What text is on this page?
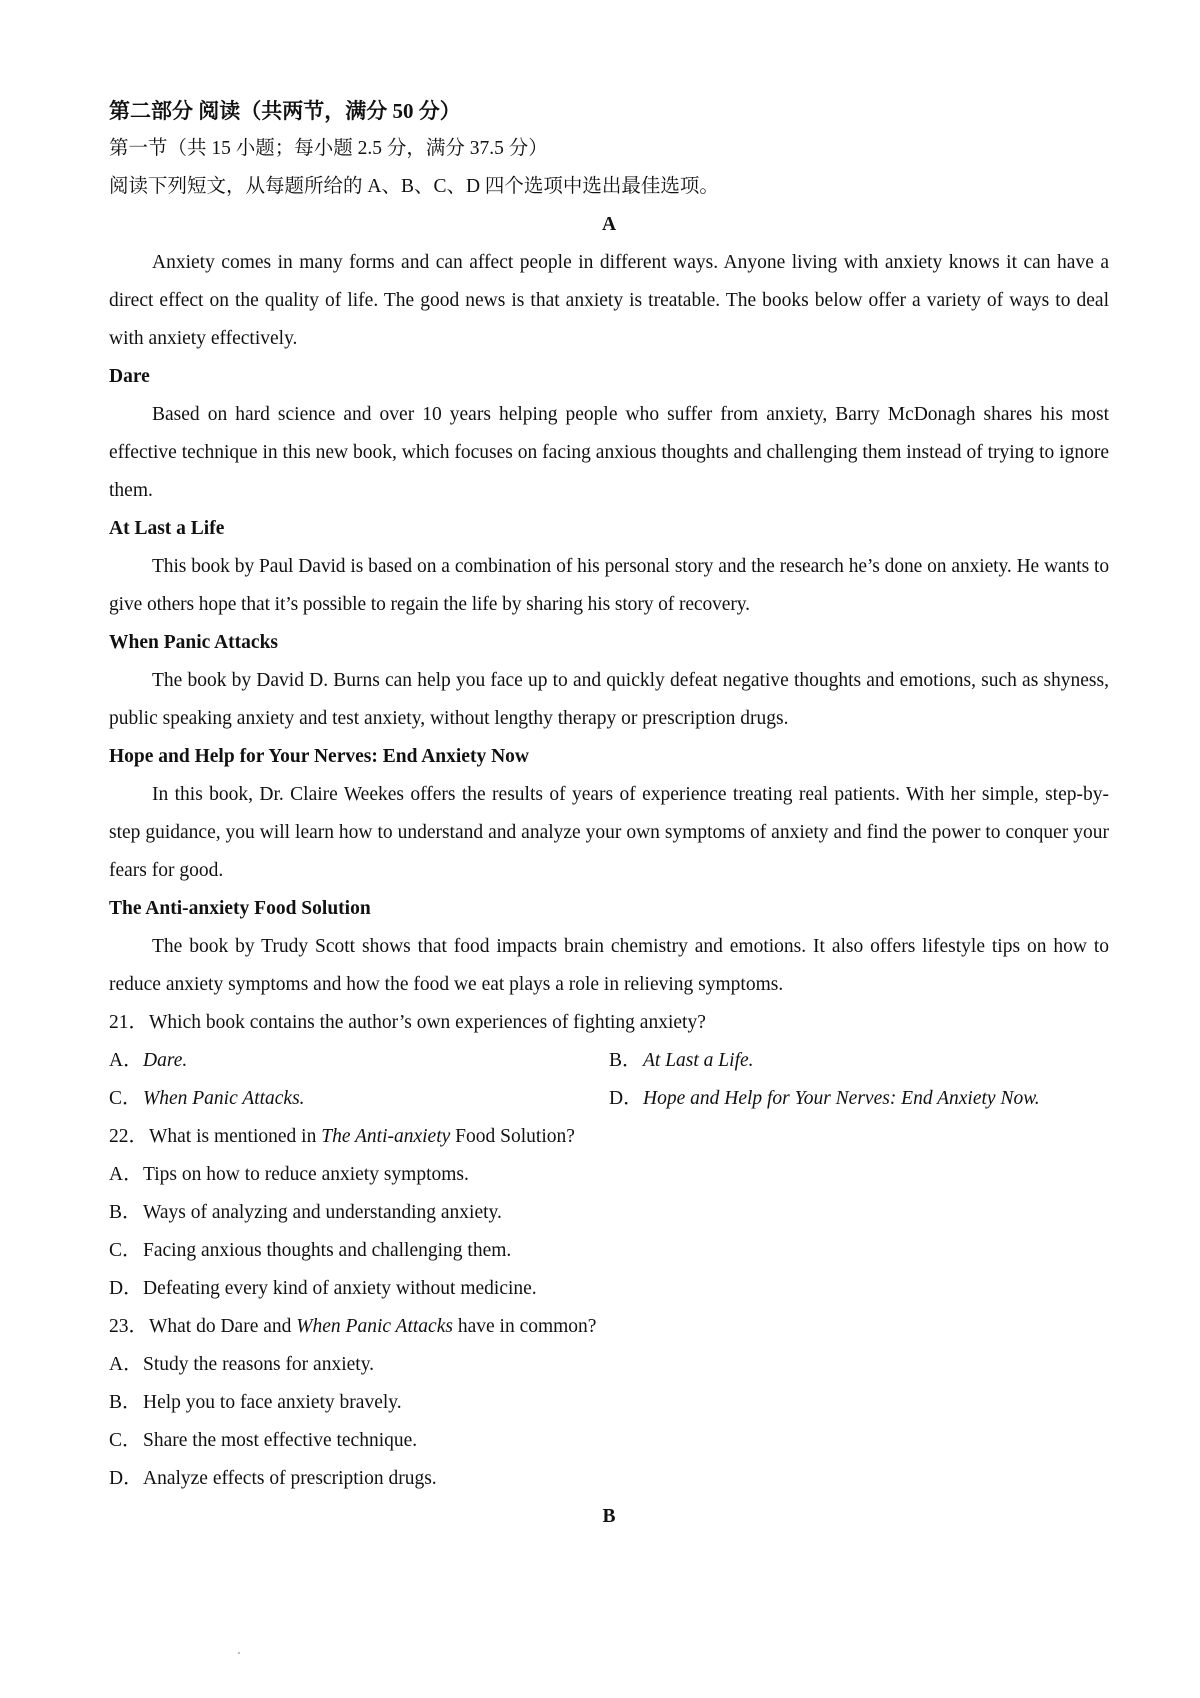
第二部分 阅读（共两节，满分 50 分）
第一节（共 15 小题；每小题 2.5 分，满分 37.5 分）
阅读下列短文，从每题所给的 A、B、C、D 四个选项中选出最佳选项。
A

Anxiety comes in many forms and can affect people in different ways. Anyone living with anxiety knows it can have a direct effect on the quality of life. The good news is that anxiety is treatable. The books below offer a variety of ways to deal with anxiety effectively.

Dare

Based on hard science and over 10 years helping people who suffer from anxiety, Barry McDonagh shares his most effective technique in this new book, which focuses on facing anxious thoughts and challenging them instead of trying to ignore them.

At Last a Life

This book by Paul David is based on a combination of his personal story and the research he’s done on anxiety. He wants to give others hope that it’s possible to regain the life by sharing his story of recovery.

When Panic Attacks

The book by David D. Burns can help you face up to and quickly defeat negative thoughts and emotions, such as shyness, public speaking anxiety and test anxiety, without lengthy therapy or prescription drugs.

Hope and Help for Your Nerves: End Anxiety Now

In this book, Dr. Claire Weekes offers the results of years of experience treating real patients. With her simple, step-by-step guidance, you will learn how to understand and analyze your own symptoms of anxiety and find the power to conquer your fears for good.

The Anti-anxiety Food Solution

The book by Trudy Scott shows that food impacts brain chemistry and emotions. It also offers lifestyle tips on how to reduce anxiety symptoms and how the food we eat plays a role in relieving symptoms.

21．Which book contains the author’s own experiences of fighting anxiety?
A．Dare.	B．At Last a Life.
C．When Panic Attacks.	D．Hope and Help for Your Nerves: End Anxiety Now.
22．What is mentioned in The Anti-anxiety Food Solution?
A．Tips on how to reduce anxiety symptoms.
B．Ways of analyzing and understanding anxiety.
C．Facing anxious thoughts and challenging them.
D．Defeating every kind of anxiety without medicine.
23．What do Dare and When Panic Attacks have in common?
A．Study the reasons for anxiety.
B．Help you to face anxiety bravely.
C．Share the most effective technique.
D．Analyze effects of prescription drugs.
B
